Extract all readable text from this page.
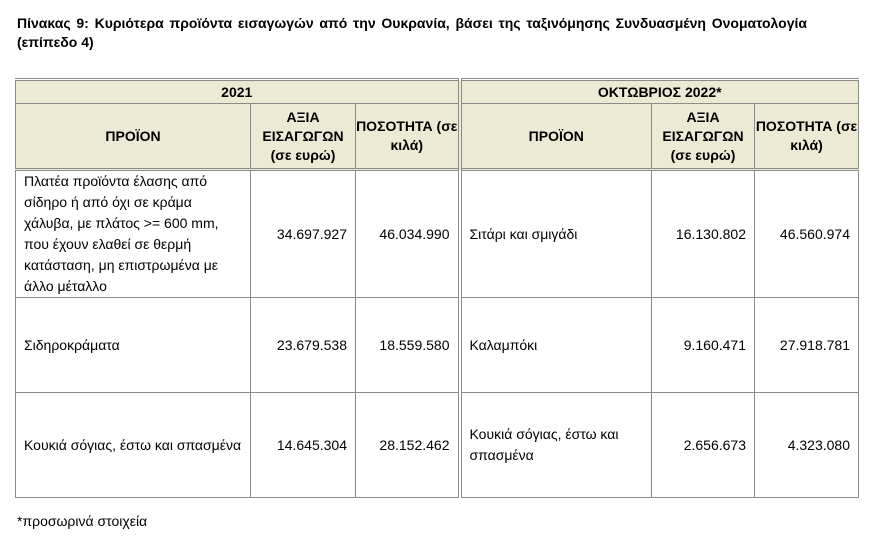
Πίνακας 9: Κυριότερα προϊόντα εισαγωγών από την Ουκρανία, βάσει της ταξινόμησης Συνδυασμένη Ονοματολογία (επίπεδο 4)
2021			ΟΚΤΩΒΡΙΟΣ 2022*		
ΠΡΟΪΟΝ	ΑΞΙΑ ΕΙΣΑΓΩΓΩΝ (σε ευρώ)	ΠΟΣΟΤΗΤΑ (σε κιλά)	ΠΡΟΪΟΝ	ΑΞΙΑ ΕΙΣΑΓΩΓΩΝ (σε ευρώ)	ΠΟΣΟΤΗΤΑ (σε κιλά)
Πλατέα προϊόντα έλασης από σίδηρο ή από όχι σε κράμα χάλυβα, με πλάτος >= 600 mm, που έχουν ελαθεί σε θερμή κατάσταση, μη επιστρωμένα με άλλο μέταλλο	34.697.927	46.034.990	Σιτάρι και σμιγάδι	16.130.802	46.560.974
Σιδηροκράματα	23.679.538	18.559.580	Καλαμπόκι	9.160.471	27.918.781
Κουκιά σόγιας, έστω και σπασμένα	14.645.304	28.152.462	Κουκιά σόγιας, έστω και σπασμένα	2.656.673	4.323.080
*προσωρινά στοιχεία
